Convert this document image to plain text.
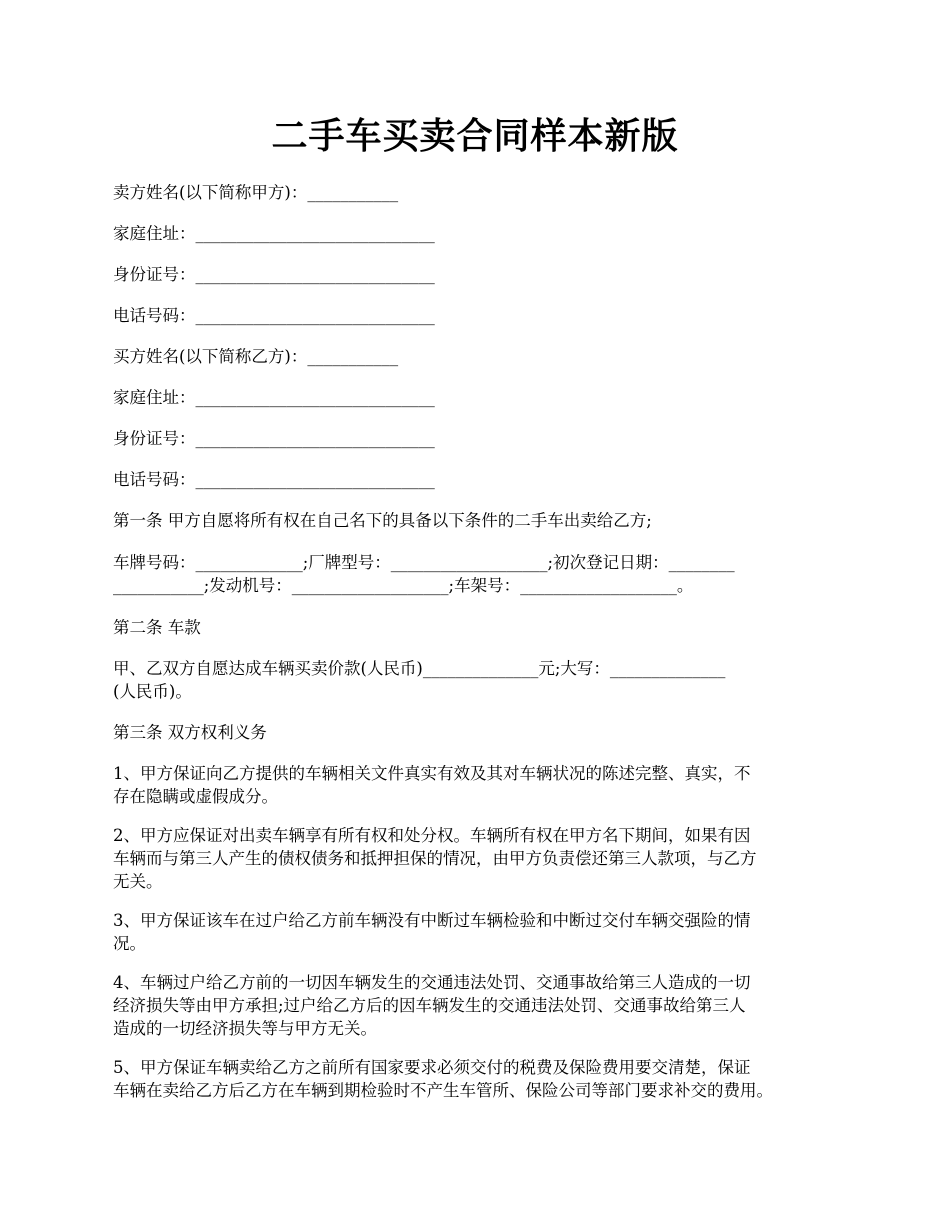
二手车买卖合同样本新版
卖方姓名(以下简称甲方)：___________
家庭住址：_____________________________
身份证号：_____________________________
电话号码：_____________________________
买方姓名(以下简称乙方)：___________
家庭住址：_____________________________
身份证号：_____________________________
电话号码：_____________________________
第一条 甲方自愿将所有权在自己名下的具备以下条件的二手车出卖给乙方;
车牌号码：_____________;厂牌型号：___________________;初次登记日期：________
___________;发动机号：___________________;车架号：___________________。
第二条 车款
甲、乙双方自愿达成车辆买卖价款(人民币)______________元;大写：______________
(人民币)。
第三条 双方权利义务
1、甲方保证向乙方提供的车辆相关文件真实有效及其对车辆状况的陈述完整、真实，不
存在隐瞒或虚假成分。
2、甲方应保证对出卖车辆享有所有权和处分权。车辆所有权在甲方名下期间，如果有因
车辆而与第三人产生的债权债务和抵押担保的情况，由甲方负责偿还第三人款项，与乙方
无关。
3、甲方保证该车在过户给乙方前车辆没有中断过车辆检验和中断过交付车辆交强险的情
况。
4、车辆过户给乙方前的一切因车辆发生的交通违法处罚、交通事故给第三人造成的一切
经济损失等由甲方承担;过户给乙方后的因车辆发生的交通违法处罚、交通事故给第三人
造成的一切经济损失等与甲方无关。
5、甲方保证车辆卖给乙方之前所有国家要求必须交付的税费及保险费用要交清楚，保证
车辆在卖给乙方后乙方在车辆到期检验时不产生车管所、保险公司等部门要求补交的费用。
